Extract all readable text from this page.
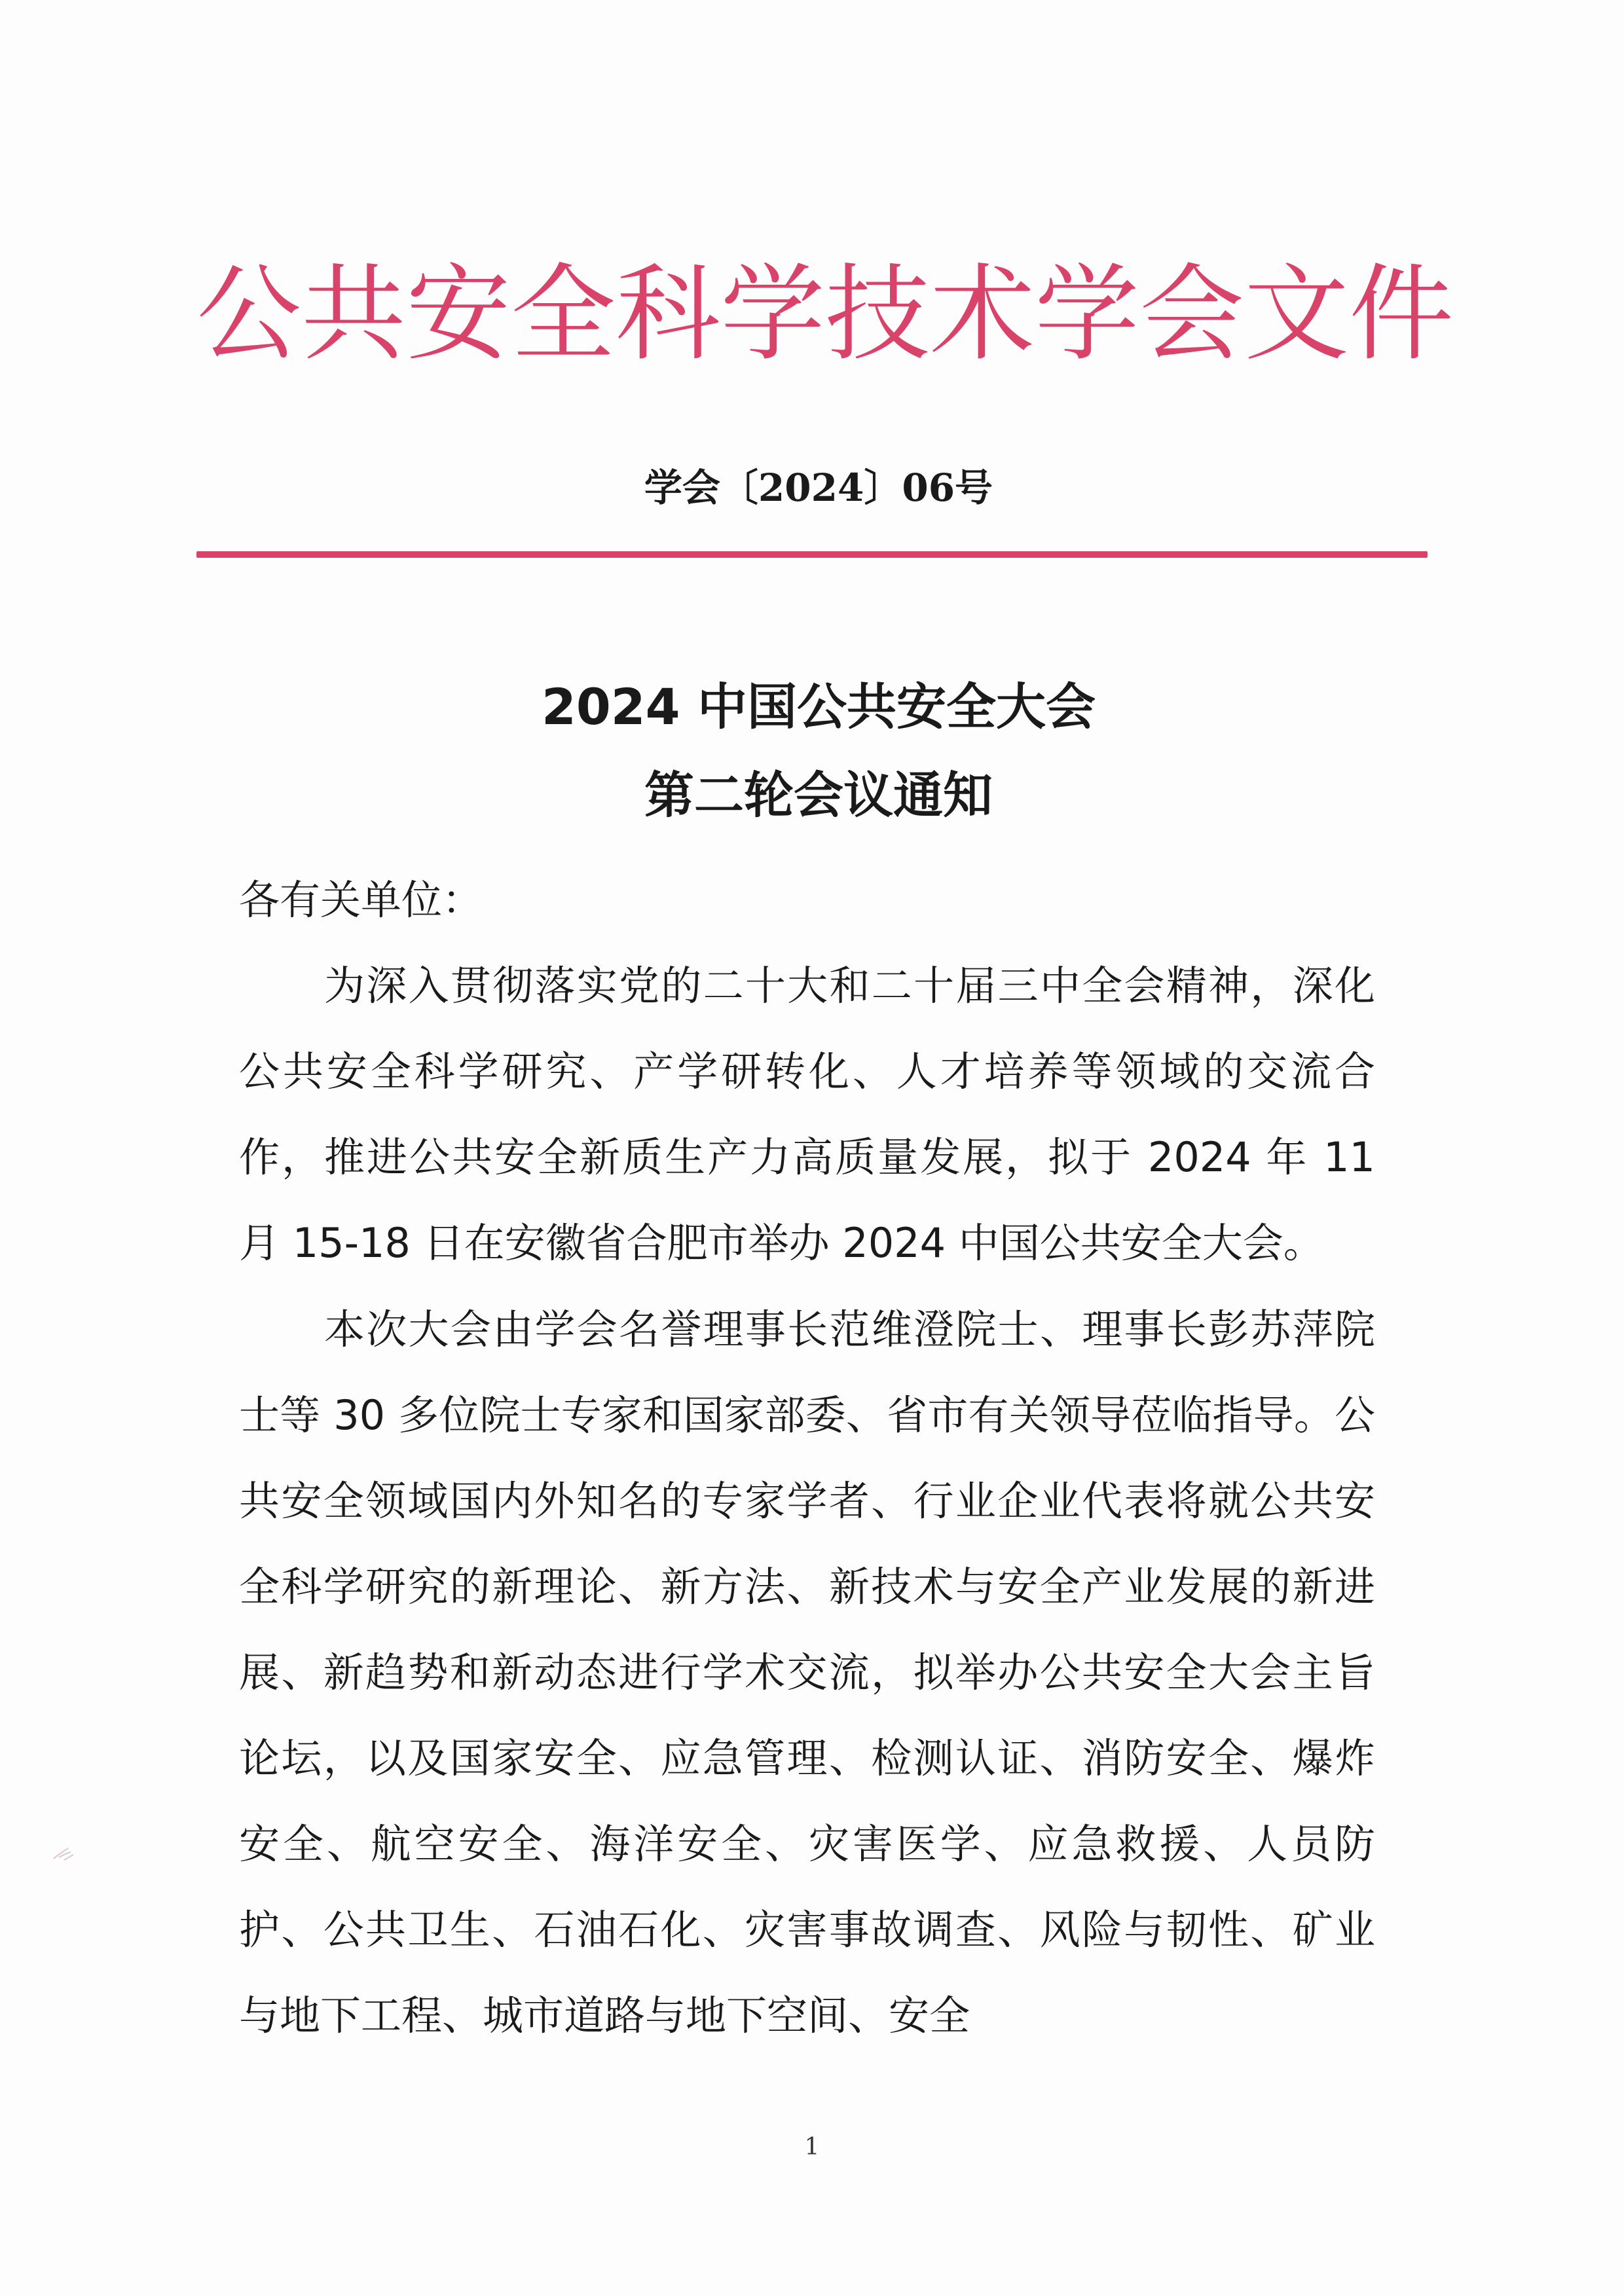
公共安全科学技术学会文件
学会〔2024〕06号
2024 中国公共安全大会
第二轮会议通知
各有关单位：
为深入贯彻落实党的二十大和二十届三中全会精神，深化公共安全科学研究、产学研转化、人才培养等领域的交流合作，推进公共安全新质生产力高质量发展，拟于 2024 年 11 月 15-18 日在安徽省合肥市举办 2024 中国公共安全大会。
本次大会由学会名誉理事长范维澄院士、理事长彭苏萍院士等 30 多位院士专家和国家部委、省市有关领导莅临指导。公共安全领域国内外知名的专家学者、行业企业代表将就公共安全科学研究的新理论、新方法、新技术与安全产业发展的新进展、新趋势和新动态进行学术交流，拟举办公共安全大会主旨论坛，以及国家安全、应急管理、检测认证、消防安全、爆炸安全、航空安全、海洋安全、灾害医学、应急救援、人员防护、公共卫生、石油石化、灾害事故调查、风险与韧性、矿业与地下工程、城市道路与地下空间、安全
1
